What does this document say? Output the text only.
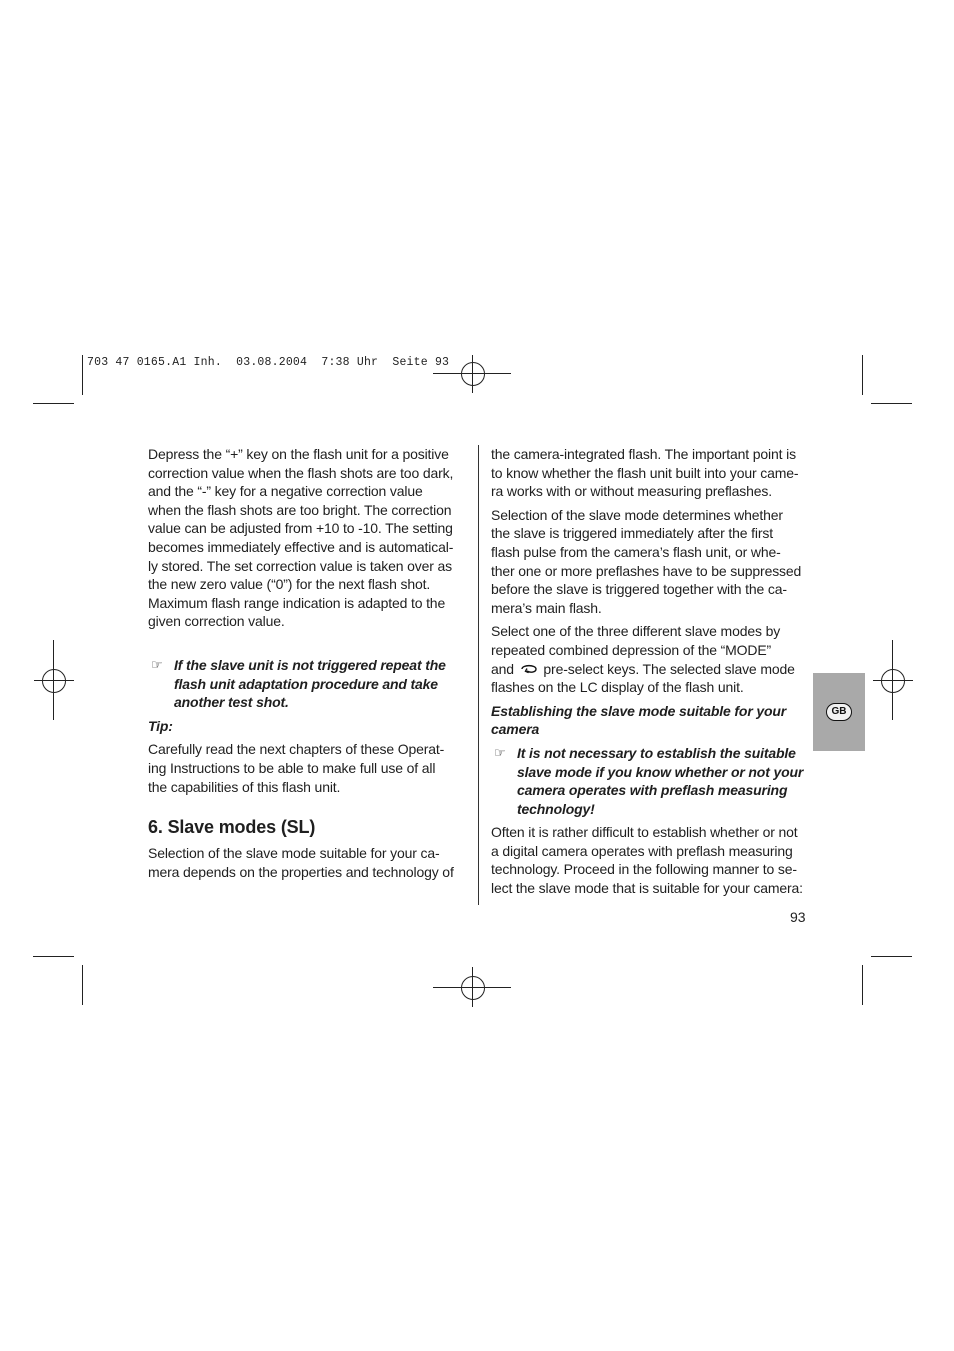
703 47 0165.A1 Inh.  03.08.2004  7:38 Uhr  Seite 93

Depress the “+” key on the flash unit for a positive
correction value when the flash shots are too dark,
and the “-” key for a negative correction value
when the flash shots are too bright. The correction
value can be adjusted from +10 to -10. The setting
becomes immediately effective and is automatical-
ly stored. The set correction value is taken over as
the new zero value (“0”) for the next flash shot.
Maximum flash range indication is adapted to the
given correction value.

☞ If the slave unit is not triggered repeat the
flash unit adaptation procedure and take
another test shot.

Tip:

Carefully read the next chapters of these Operat-
ing Instructions to be able to make full use of all
the capabilities of this flash unit.

6. Slave modes (SL)

Selection of the slave mode suitable for your ca-
mera depends on the properties and technology of

the camera-integrated flash. The important point is
to know whether the flash unit built into your came-
ra works with or without measuring preflashes.

Selection of the slave mode determines whether
the slave is triggered immediately after the first
flash pulse from the camera’s flash unit, or whe-
ther one or more preflashes have to be suppressed
before the slave is triggered together with the ca-
mera’s main flash.

Select one of the three different slave modes by
repeated combined depression of the “MODE”
and pre-select keys. The selected slave mode
flashes on the LC display of the flash unit.

Establishing the slave mode suitable for your
camera

☞ It is not necessary to establish the suitable
slave mode if you know whether or not your
camera operates with preflash measuring
technology!

Often it is rather difficult to establish whether or not
a digital camera operates with preflash measuring
technology. Proceed in the following manner to se-
lect the slave mode that is suitable for your camera:

93
GB
